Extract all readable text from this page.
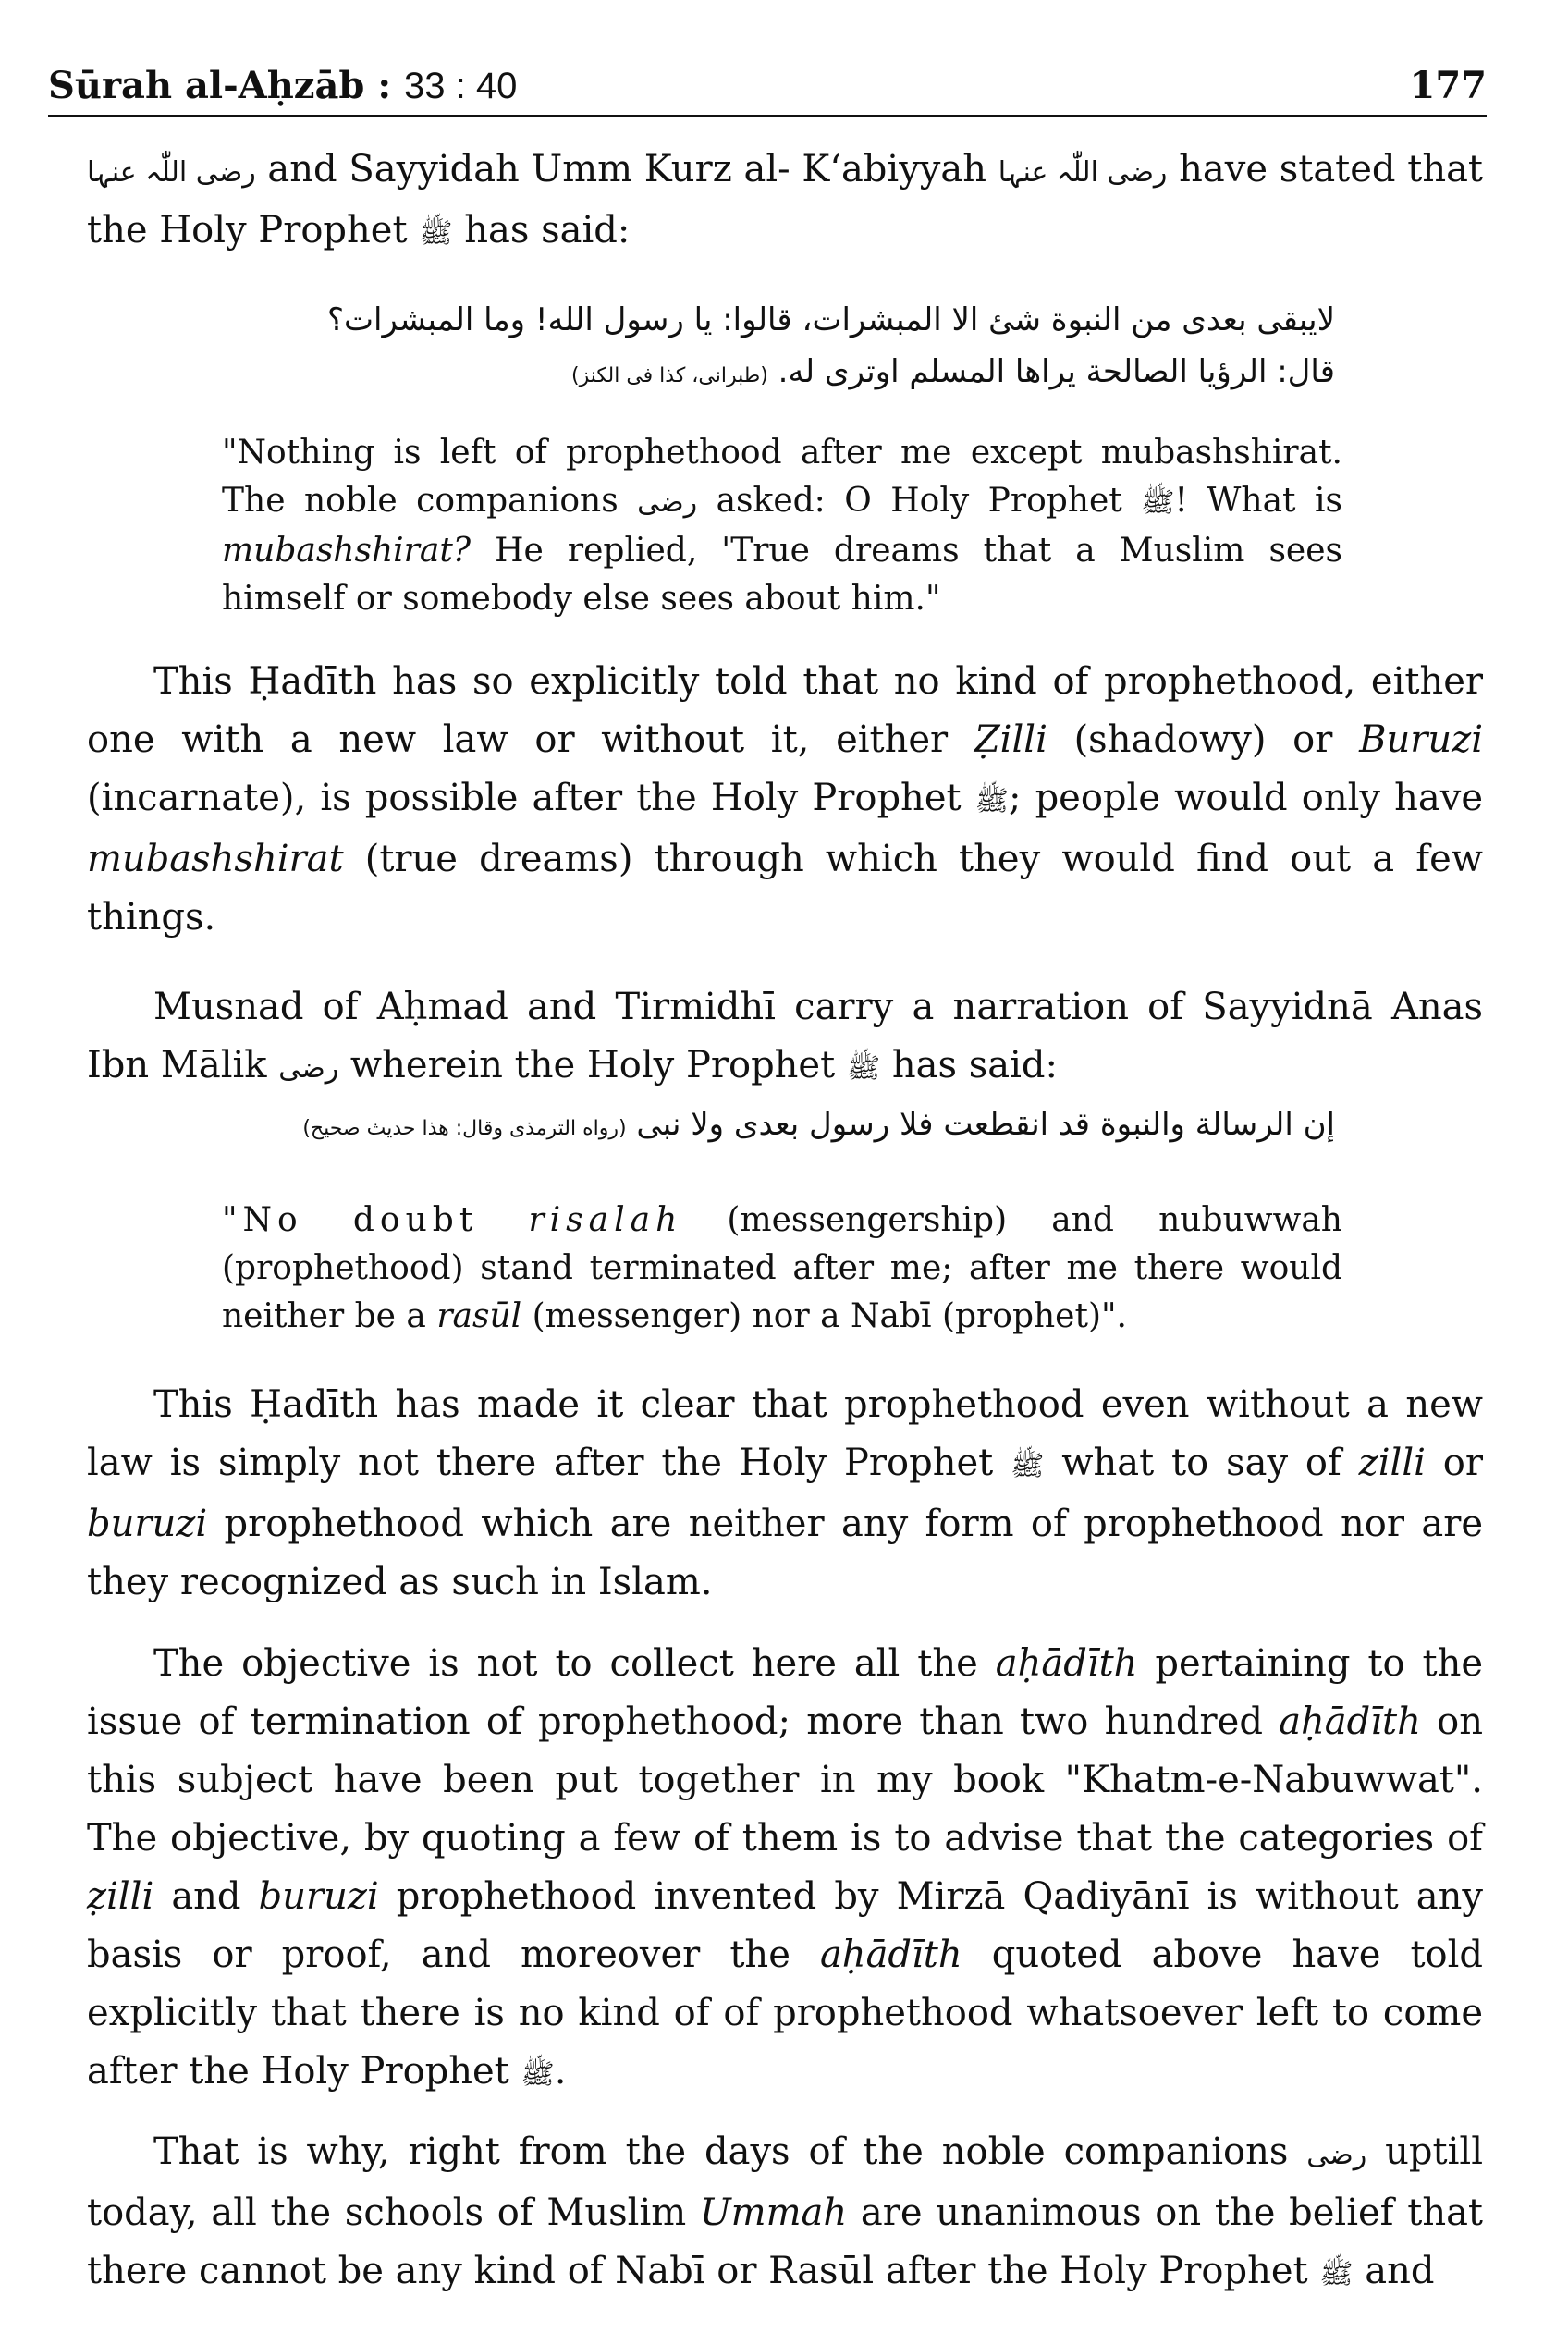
Sūrah al-Aḥzāb : 33 : 40	177

رضی اللّٰہ عنہا and Sayyidah Umm Kurz al- K‘abiyyah رضی اللّٰہ عنہا have stated that the Holy Prophet ﷺ has said:

لايبقى بعدى من النبوة شئ الا المبشرات، قالوا: يا رسول الله! وما المبشرات؟
قال: الرؤيا الصالحة يراها المسلم اوترى له. (طبرانی، کذا فی الکنز)

"Nothing is left of prophethood after me except mubashshirat. The noble companions رضی asked: O Holy Prophet ﷺ! What is mubashshirat? He replied, 'True dreams that a Muslim sees himself or somebody else sees about him."

This Ḥadīth has so explicitly told that no kind of prophethood, either one with a new law or without it, either Ẓilli (shadowy) or Buruzi (incarnate), is possible after the Holy Prophet ﷺ; people would only have mubashshirat (true dreams) through which they would find out a few things.

Musnad of Aḥmad and Tirmidhī carry a narration of Sayyidnā Anas Ibn Mālik رضی wherein the Holy Prophet ﷺ has said:

إن الرسالة والنبوة قد انقطعت فلا رسول بعدى ولا نبى (رواه الترمذی وقال: هذا حديث صحيح)

"No doubt risalah (messengership) and nubuwwah (prophethood) stand terminated after me; after me there would neither be a rasūl (messenger) nor a Nabī (prophet)".

This Ḥadīth has made it clear that prophethood even without a new law is simply not there after the Holy Prophet ﷺ what to say of zilli or buruzi prophethood which are neither any form of prophethood nor are they recognized as such in Islam.

The objective is not to collect here all the aḥādīth pertaining to the issue of termination of prophethood; more than two hundred aḥādīth on this subject have been put together in my book "Khatm-e-Nabuwwat". The objective, by quoting a few of them is to advise that the categories of ẓilli and buruzi prophethood invented by Mirzā Qadiyānī is without any basis or proof, and moreover the aḥādīth quoted above have told explicitly that there is no kind of of prophethood whatsoever left to come after the Holy Prophet ﷺ.

That is why, right from the days of the noble companions رضی uptill today, all the schools of Muslim Ummah are unanimous on the belief that there cannot be any kind of Nabī or Rasūl after the Holy Prophet ﷺ and
